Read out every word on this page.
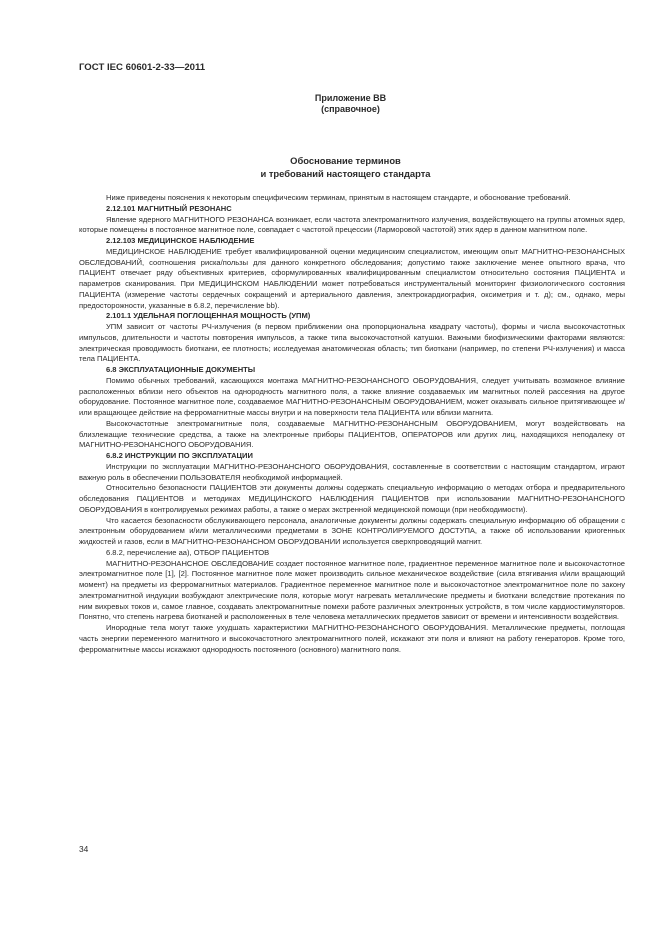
ГОСТ IEC 60601-2-33—2011
Приложение ВВ
(справочное)
Обоснование терминов
и требований настоящего стандарта

Ниже приведены пояснения к некоторым специфическим терминам, принятым в настоящем стандарте, и обоснование требований.

2.12.101 МАГНИТНЫЙ РЕЗОНАНС

Явление ядерного МАГНИТНОГО РЕЗОНАНСА возникает, если частота электромагнитного излучения, воздействующего на группы атомных ядер, которые помещены в постоянное магнитное поле, совпадает с частотой прецессии (Ларморовой частотой) этих ядер в данном магнитном поле.

2.12.103 МЕДИЦИНСКОЕ НАБЛЮДЕНИЕ

МЕДИЦИНСКОЕ НАБЛЮДЕНИЕ требует квалифицированной оценки медицинским специалистом, имеющим опыт МАГНИТНО-РЕЗОНАНСНЫХ ОБСЛЕДОВАНИЙ, соотношения риска/пользы для данного конкретного обследования; допустимо также заключение менее опытного врача, что ПАЦИЕНТ отвечает ряду объективных критериев, сформулированных квалифицированным специалистом относительно состояния ПАЦИЕНТА и параметров сканирования. При МЕДИЦИНСКОМ НАБЛЮДЕНИИ может потребоваться инструментальный мониторинг физиологического состояния ПАЦИЕНТА (измерение частоты сердечных сокращений и артериального давления, электрокардиография, оксиметрия и т. д); см., однако, меры предосторожности, указанные в 6.8.2, перечисление bb).

2.101.1 УДЕЛЬНАЯ ПОГЛОЩЕННАЯ МОЩНОСТЬ (УПМ)

УПМ зависит от частоты РЧ-излучения (в первом приближении она пропорциональна квадрату частоты), формы и числа высокочастотных импульсов, длительности и частоты повторения импульсов, а также типа высокочастотной катушки. Важными биофизическими факторами являются: электрическая проводимость биоткани, ее плотность; исследуемая анатомическая область; тип биоткани (например, по степени РЧ-излучения) и масса тела ПАЦИЕНТА.

6.8 ЭКСПЛУАТАЦИОННЫЕ ДОКУМЕНТЫ

Помимо обычных требований, касающихся монтажа МАГНИТНО-РЕЗОНАНСНОГО ОБОРУДОВАНИЯ, следует учитывать возможное влияние расположенных вблизи него объектов на однородность магнитного поля, а также влияние создаваемых им магнитных полей рассеяния на другое оборудование. Постоянное магнитное поле, создаваемое МАГНИТНО-РЕЗОНАНСНЫМ ОБОРУДОВАНИЕМ, может оказывать сильное притягивающее и/или вращающее действие на ферромагнитные массы внутри и на поверхности тела ПАЦИЕНТА или вблизи магнита.

Высокочастотные электромагнитные поля, создаваемые МАГНИТНО-РЕЗОНАНСНЫМ ОБОРУДОВАНИЕМ, могут воздействовать на близлежащие технические средства, а также на электронные приборы ПАЦИЕНТОВ, ОПЕРАТОРОВ или других лиц, находящихся неподалеку от МАГНИТНО-РЕЗОНАНСНОГО ОБОРУДОВАНИЯ.

6.8.2 ИНСТРУКЦИИ ПО ЭКСПЛУАТАЦИИ

Инструкции по эксплуатации МАГНИТНО-РЕЗОНАНСНОГО ОБОРУДОВАНИЯ, составленные в соответствии с настоящим стандартом, играют важную роль в обеспечении ПОЛЬЗОВАТЕЛЯ необходимой информацией.

Относительно безопасности ПАЦИЕНТОВ эти документы должны содержать специальную информацию о методах отбора и предварительного обследования ПАЦИЕНТОВ и методиках МЕДИЦИНСКОГО НАБЛЮДЕНИЯ ПАЦИЕНТОВ при использовании МАГНИТНО-РЕЗОНАНСНОГО ОБОРУДОВАНИЯ в контролируемых режимах работы, а также о мерах экстренной медицинской помощи (при необходимости).

Что касается безопасности обслуживающего персонала, аналогичные документы должны содержать специальную информацию об обращении с электронным оборудованием и/или металлическими предметами в ЗОНЕ КОНТРОЛИРУЕМОГО ДОСТУПА, а также об использовании криогенных жидкостей и газов, если в МАГНИТНО-РЕЗОНАНСНОМ ОБОРУДОВАНИИ используется сверхпроводящий магнит.

6.8.2, перечисление аа), ОТБОР ПАЦИЕНТОВ

МАГНИТНО-РЕЗОНАНСНОЕ ОБСЛЕДОВАНИЕ создает постоянное магнитное поле, градиентное переменное магнитное поле и высокочастотное электромагнитное поле [1], [2]. Постоянное магнитное поле может производить сильное механическое воздействие (сила втягивания и/или вращающий момент) на предметы из ферромагнитных материалов. Градиентное переменное магнитное поле и высокочастотное электромагнитное поле по закону электромагнитной индукции возбуждают электрические поля, которые могут нагревать металлические предметы и биоткани вследствие протекания по ним вихревых токов и, самое главное, создавать электромагнитные помехи работе различных электронных устройств, в том числе кардиостимуляторов. Понятно, что степень нагрева биотканей и расположенных в теле человека металлических предметов зависит от времени и интенсивности воздействия.

Инородные тела могут также ухудшать характеристики МАГНИТНО-РЕЗОНАНСНОГО ОБОРУДОВАНИЯ. Металлические предметы, поглощая часть энергии переменного магнитного и высокочастотного электромагнитного полей, искажают эти поля и влияют на работу генераторов. Кроме того, ферромагнитные массы искажают однородность постоянного (основного) магнитного поля.

34
